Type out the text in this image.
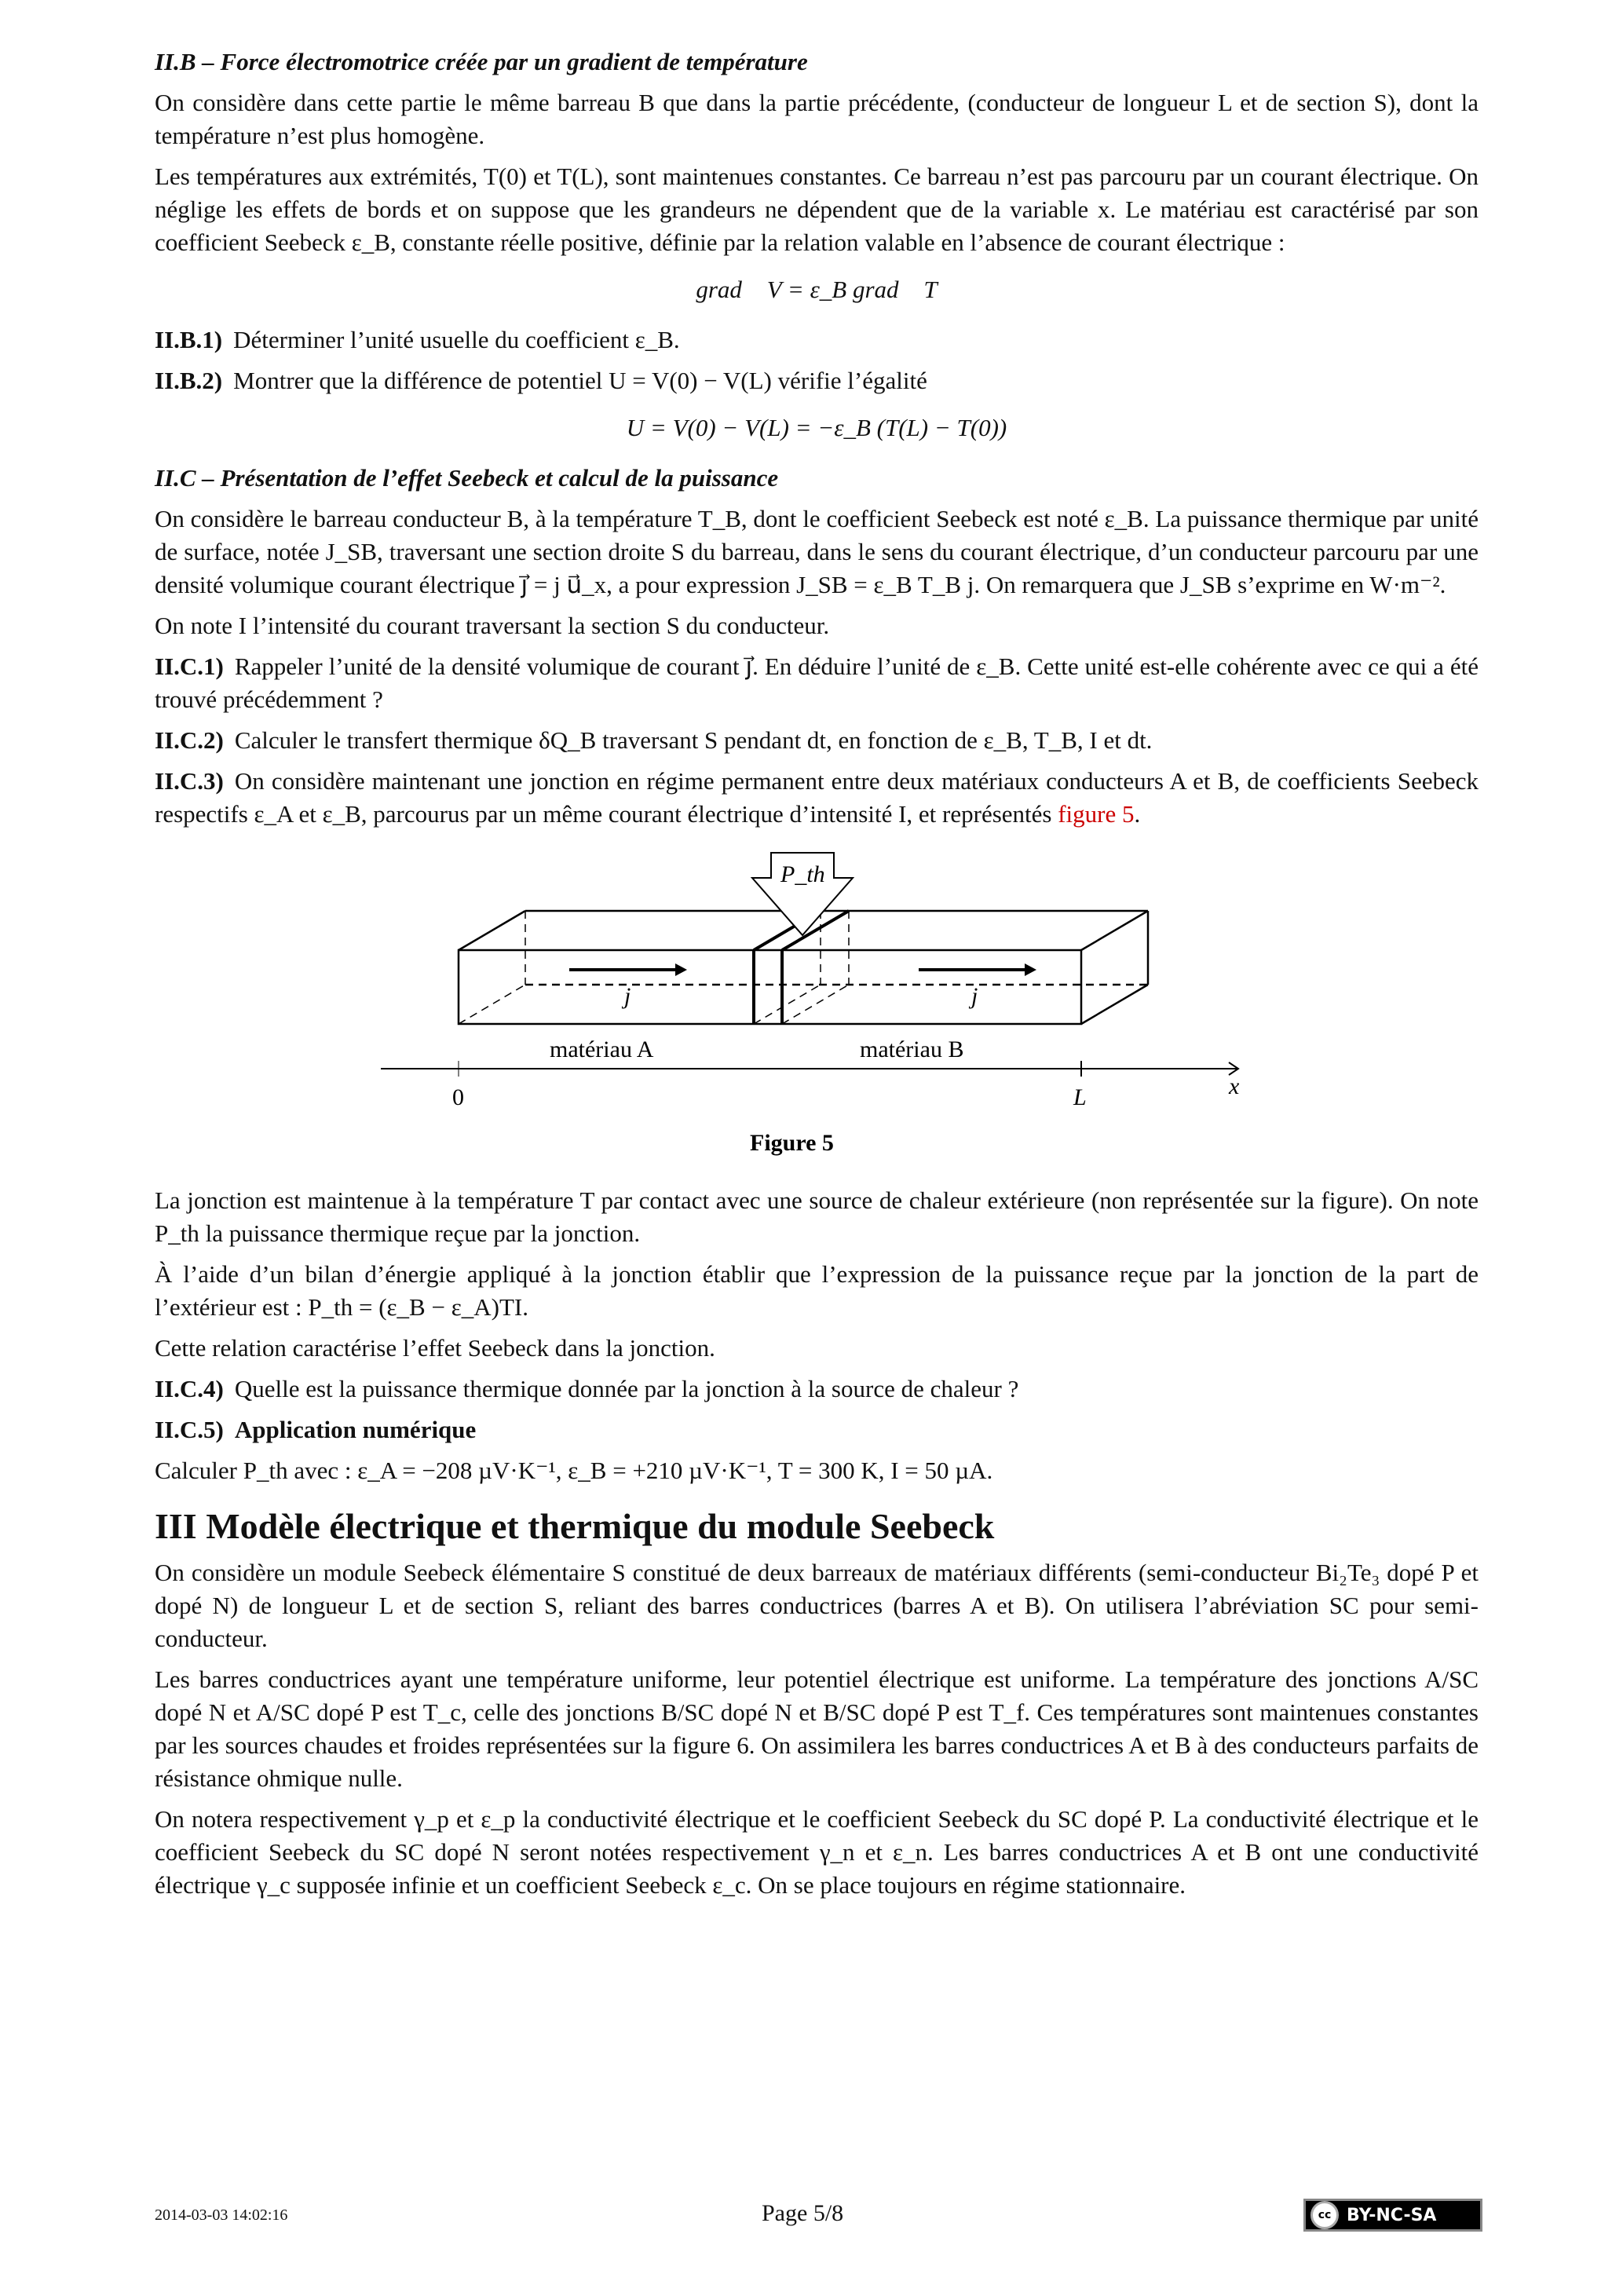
II.B – Force électromotrice créée par un gradient de température
On considère dans cette partie le même barreau B que dans la partie précédente, (conducteur de longueur L et de section S), dont la température n’est plus homogène.
Les températures aux extrémités, T(0) et T(L), sont maintenues constantes. Ce barreau n’est pas parcouru par un courant électrique. On néglige les effets de bords et on suppose que les grandeurs ne dépendent que de la variable x. Le matériau est caractérisé par son coefficient Seebeck ε_B, constante réelle positive, définie par la relation valable en l’absence de courant électrique :
grad⃗ V = ε_B grad⃗ T
II.B.1) Déterminer l’unité usuelle du coefficient ε_B.
II.B.2) Montrer que la différence de potentiel U = V(0) − V(L) vérifie l’égalité
U = V(0) − V(L) = −ε_B (T(L) − T(0))
II.C – Présentation de l’effet Seebeck et calcul de la puissance
On considère le barreau conducteur B, à la température T_B, dont le coefficient Seebeck est noté ε_B. La puissance thermique par unité de surface, notée J_SB, traversant une section droite S du barreau, dans le sens du courant électrique, d’un conducteur parcouru par une densité volumique courant électrique j⃗ = j u⃗_x, a pour expression J_SB = ε_B T_B j. On remarquera que J_SB s’exprime en W·m⁻².
On note I l’intensité du courant traversant la section S du conducteur.
II.C.1) Rappeler l’unité de la densité volumique de courant j⃗. En déduire l’unité de ε_B. Cette unité est-elle cohérente avec ce qui a été trouvé précédemment ?
II.C.2) Calculer le transfert thermique δQ_B traversant S pendant dt, en fonction de ε_B, T_B, I et dt.
II.C.3) On considère maintenant une jonction en régime permanent entre deux matériaux conducteurs A et B, de coefficients Seebeck respectifs ε_A et ε_B, parcourus par un même courant électrique d’intensité I, et représentés figure 5.
P_th
j⃗	j⃗
matériau A	matériau B
0	L	x
Figure 5
La jonction est maintenue à la température T par contact avec une source de chaleur extérieure (non représentée sur la figure). On note P_th la puissance thermique reçue par la jonction.
À l’aide d’un bilan d’énergie appliqué à la jonction établir que l’expression de la puissance reçue par la jonction de la part de l’extérieur est : P_th = (ε_B − ε_A)TI.
Cette relation caractérise l’effet Seebeck dans la jonction.
II.C.4) Quelle est la puissance thermique donnée par la jonction à la source de chaleur ?
II.C.5) Application numérique
Calculer P_th avec : ε_A = −208 µV·K⁻¹, ε_B = +210 µV·K⁻¹, T = 300 K, I = 50 µA.
III Modèle électrique et thermique du module Seebeck
On considère un module Seebeck élémentaire S constitué de deux barreaux de matériaux différents (semi-conducteur Bi₂Te₃ dopé P et dopé N) de longueur L et de section S, reliant des barres conductrices (barres A et B). On utilisera l’abréviation SC pour semi-conducteur.
Les barres conductrices ayant une température uniforme, leur potentiel électrique est uniforme. La température des jonctions A/SC dopé N et A/SC dopé P est T_c, celle des jonctions B/SC dopé N et B/SC dopé P est T_f. Ces températures sont maintenues constantes par les sources chaudes et froides représentées sur la figure 6. On assimilera les barres conductrices A et B à des conducteurs parfaits de résistance ohmique nulle.
On notera respectivement γ_p et ε_p la conductivité électrique et le coefficient Seebeck du SC dopé P. La conductivité électrique et le coefficient Seebeck du SC dopé N seront notées respectivement γ_n et ε_n. Les barres conductrices A et B ont une conductivité électrique γ_c supposée infinie et un coefficient Seebeck ε_c. On se place toujours en régime stationnaire.
2014-03-03 14:02:16	Page 5/8	cc BY-NC-SA
